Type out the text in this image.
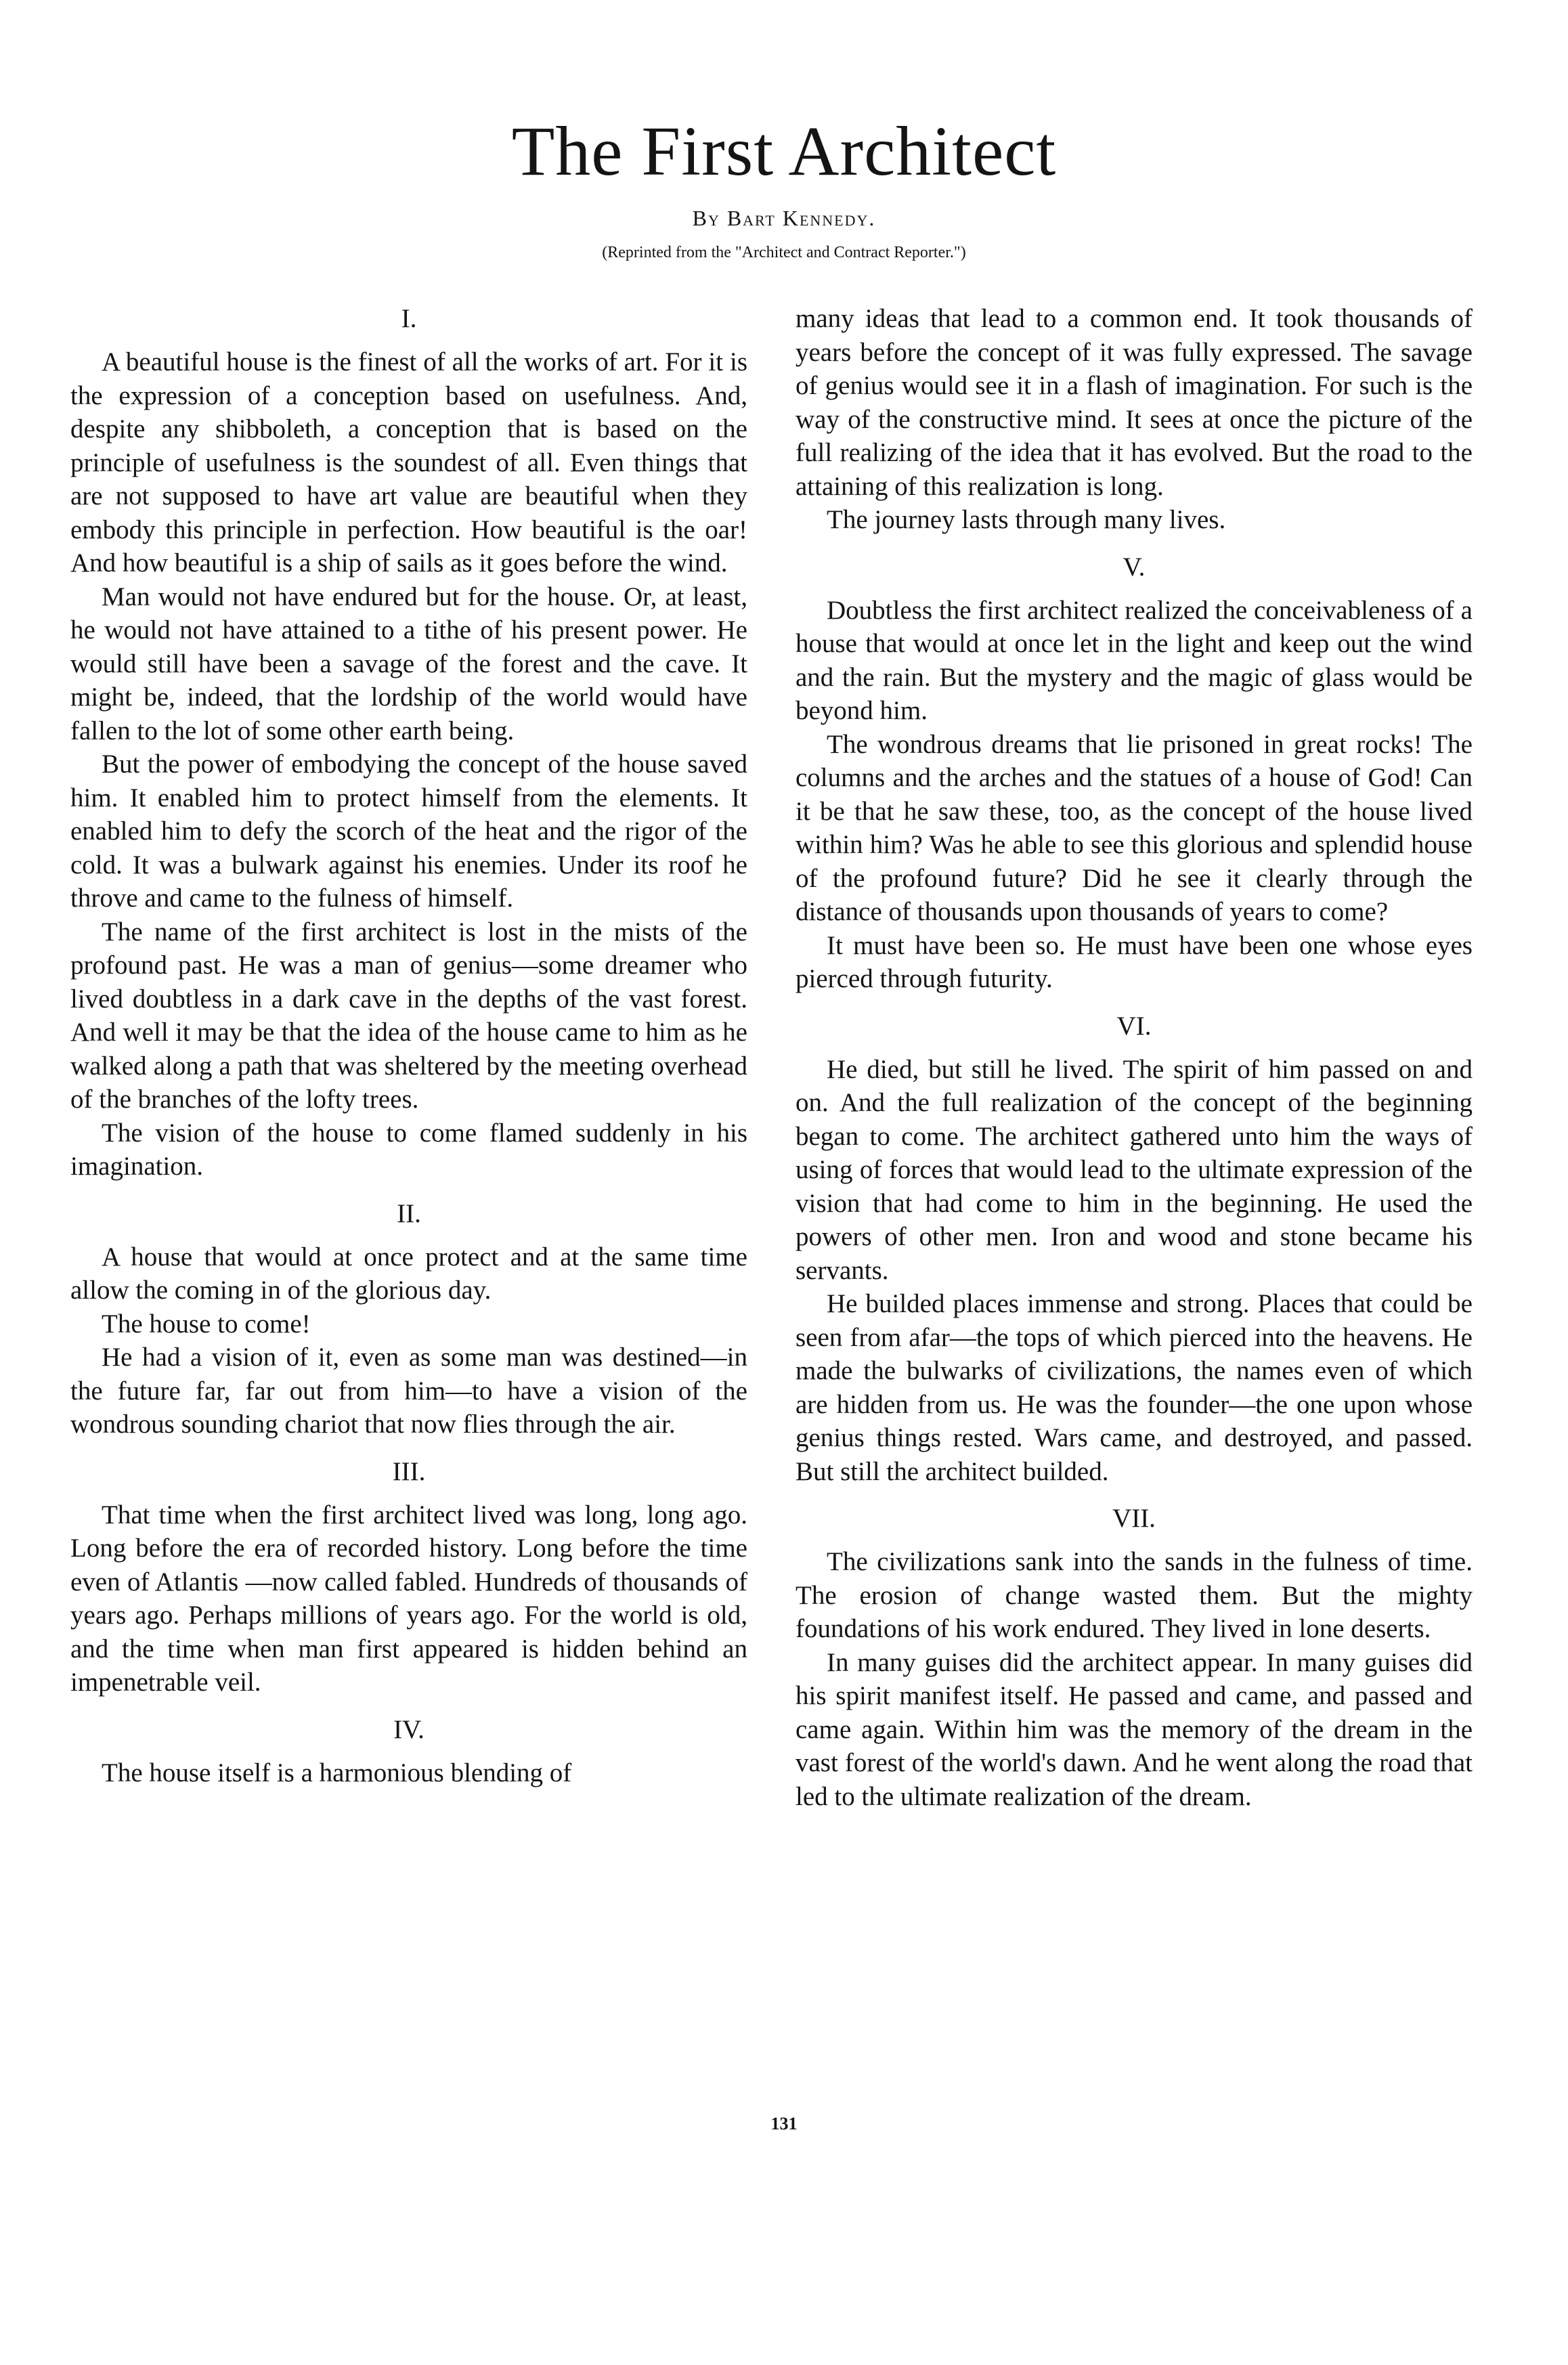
The First Architect
By Bart Kennedy.
(Reprinted from the "Architect and Contract Reporter.")
I.

A beautiful house is the finest of all the works of art. For it is the expression of a conception based on usefulness. And, despite any shibboleth, a conception that is based on the principle of usefulness is the soundest of all. Even things that are not supposed to have art value are beautiful when they embody this principle in perfection. How beautiful is the oar! And how beautiful is a ship of sails as it goes before the wind.

Man would not have endured but for the house. Or, at least, he would not have attained to a tithe of his present power. He would still have been a savage of the forest and the cave. It might be, indeed, that the lordship of the world would have fallen to the lot of some other earth being.

But the power of embodying the concept of the house saved him. It enabled him to protect himself from the elements. It enabled him to defy the scorch of the heat and the rigor of the cold. It was a bulwark against his enemies. Under its roof he throve and came to the fulness of himself.

The name of the first architect is lost in the mists of the profound past. He was a man of genius—some dreamer who lived doubtless in a dark cave in the depths of the vast forest. And well it may be that the idea of the house came to him as he walked along a path that was sheltered by the meeting overhead of the branches of the lofty trees.

The vision of the house to come flamed suddenly in his imagination.

II.

A house that would at once protect and at the same time allow the coming in of the glorious day.

The house to come!

He had a vision of it, even as some man was destined—in the future far, far out from him—to have a vision of the wondrous sounding chariot that now flies through the air.

III.

That time when the first architect lived was long, long ago. Long before the era of recorded history. Long before the time even of Atlantis —now called fabled. Hundreds of thousands of years ago. Perhaps millions of years ago. For the world is old, and the time when man first appeared is hidden behind an impenetrable veil.

IV.

The house itself is a harmonious blending of

many ideas that lead to a common end. It took thousands of years before the concept of it was fully expressed. The savage of genius would see it in a flash of imagination. For such is the way of the constructive mind. It sees at once the picture of the full realizing of the idea that it has evolved. But the road to the attaining of this realization is long.

The journey lasts through many lives.

V.

Doubtless the first architect realized the conceivableness of a house that would at once let in the light and keep out the wind and the rain. But the mystery and the magic of glass would be beyond him.

The wondrous dreams that lie prisoned in great rocks! The columns and the arches and the statues of a house of God! Can it be that he saw these, too, as the concept of the house lived within him? Was he able to see this glorious and splendid house of the profound future? Did he see it clearly through the distance of thousands upon thousands of years to come?

It must have been so. He must have been one whose eyes pierced through futurity.

VI.

He died, but still he lived. The spirit of him passed on and on. And the full realization of the concept of the beginning began to come. The architect gathered unto him the ways of using of forces that would lead to the ultimate expression of the vision that had come to him in the beginning. He used the powers of other men. Iron and wood and stone became his servants.

He builded places immense and strong. Places that could be seen from afar—the tops of which pierced into the heavens. He made the bulwarks of civilizations, the names even of which are hidden from us. He was the founder—the one upon whose genius things rested. Wars came, and destroyed, and passed. But still the architect builded.

VII.

The civilizations sank into the sands in the fulness of time. The erosion of change wasted them. But the mighty foundations of his work endured. They lived in lone deserts.

In many guises did the architect appear. In many guises did his spirit manifest itself. He passed and came, and passed and came again. Within him was the memory of the dream in the vast forest of the world's dawn. And he went along the road that led to the ultimate realization of the dream.

131
